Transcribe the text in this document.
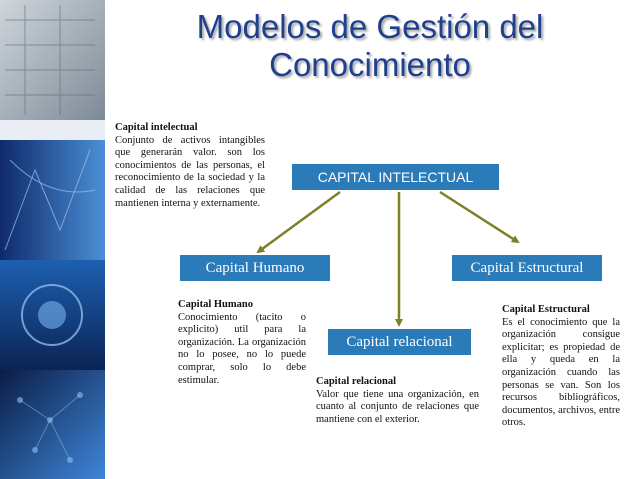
Modelos de Gestión del
Conocimiento
CAPITAL INTELECTUAL
Capital Humano	Capital Estructural
Capital relacional
Capital intelectual
Conjunto de activos intangibles que generarán valor. son los conocimientos de las personas, el reconocimiento de la sociedad y la calidad de las relaciones que mantienen interna y externamente.
Capital Humano
Conocimiento (tacito o explicito) util para la organización. La organización no lo posee, no lo puede comprar, solo lo debe estimular.	Capital relacional
Valor que tiene una organización, en cuanto al conjunto de relaciones que mantiene con el exterior.
Capital Estructural
Es el conocimiento que la organización consigue explicitar; es propiedad de ella y queda en la organización cuando las personas se van. Son los recursos bibliográficos, documentos, archivos, entre otros.
